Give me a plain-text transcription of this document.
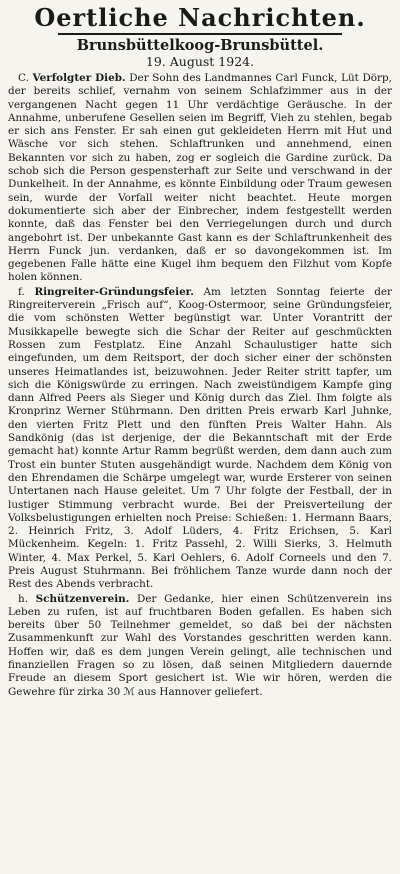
Oertliche Nachrichten.
Brunsbüttelkoog-Brunsbüttel.
19. August 1924.

C. Verfolgter Dieb. Der Sohn des Landmannes Carl Funck, Lüt Dörp, der bereits schlief, vernahm von seinem Schlafzimmer aus in der vergangenen Nacht gegen 11 Uhr verdächtige Geräusche. In der Annahme, unberufene Gesellen seien im Begriff, Vieh zu stehlen, begab er sich ans Fenster. Er sah einen gut gekleideten Herrn mit Hut und Wäsche vor sich stehen. Schlaftrunken und annehmend, einen Bekannten vor sich zu haben, zog er sogleich die Gardine zurück. Da schob sich die Person gespensterhaft zur Seite und verschwand in der Dunkelheit. In der Annahme, es könnte Einbildung oder Traum gewesen sein, wurde der Vorfall weiter nicht beachtet. Heute morgen dokumentierte sich aber der Einbrecher, indem festgestellt werden konnte, daß das Fenster bei den Verriegelungen durch und durch angebohrt ist. Der unbekannte Gast kann es der Schlaftrunkenheit des Herrn Funck jun. verdanken, daß er so davongekommen ist. Im gegebenen Falle hätte eine Kugel ihm bequem den Filzhut vom Kopfe holen können.

f. Ringreiter-Gründungsfeier. Am letzten Sonntag feierte der Ringreiterverein „Frisch auf“, Koog-Ostermoor, seine Gründungsfeier, die vom schönsten Wetter begünstigt war. Unter Vorantritt der Musikkapelle bewegte sich die Schar der Reiter auf geschmückten Rossen zum Festplatz. Eine Anzahl Schaulustiger hatte sich eingefunden, um dem Reitsport, der doch sicher einer der schönsten unseres Heimatlandes ist, beizuwohnen. Jeder Reiter stritt tapfer, um sich die Königswürde zu erringen. Nach zweistündigem Kampfe ging dann Alfred Peers als Sieger und König durch das Ziel. Ihm folgte als Kronprinz Werner Stührmann. Den dritten Preis erwarb Karl Juhnke, den vierten Fritz Plett und den fünften Preis Walter Hahn. Als Sandkönig (das ist derjenige, der die Bekanntschaft mit der Erde gemacht hat) konnte Artur Ramm begrüßt werden, dem dann auch zum Trost ein bunter Stuten ausgehändigt wurde. Nachdem dem König von den Ehrendamen die Schärpe umgelegt war, wurde Ersterer von seinen Untertanen nach Hause geleitet. Um 7 Uhr folgte der Festball, der in lustiger Stimmung verbracht wurde. Bei der Preisverteilung der Volksbelustigungen erhielten noch Preise: Schießen: 1. Hermann Baars, 2. Heinrich Fritz, 3. Adolf Lüders, 4. Fritz Erichsen, 5. Karl Mückenheim. Kegeln: 1. Fritz Passehl, 2. Willi Sierks, 3. Helmuth Winter, 4. Max Perkel, 5. Karl Oehlers, 6. Adolf Corneels und den 7. Preis August Stuhrmann. Bei fröhlichem Tanze wurde dann noch der Rest des Abends verbracht.

h. Schützenverein. Der Gedanke, hier einen Schützenverein ins Leben zu rufen, ist auf fruchtbaren Boden gefallen. Es haben sich bereits über 50 Teilnehmer gemeldet, so daß bei der nächsten Zusammenkunft zur Wahl des Vorstandes geschritten werden kann. Hoffen wir, daß es dem jungen Verein gelingt, alle technischen und finanziellen Fragen so zu lösen, daß seinen Mitgliedern dauernde Freude an diesem Sport gesichert ist. Wie wir hören, werden die Gewehre für zirka 30 ℳ aus Hannover geliefert.
